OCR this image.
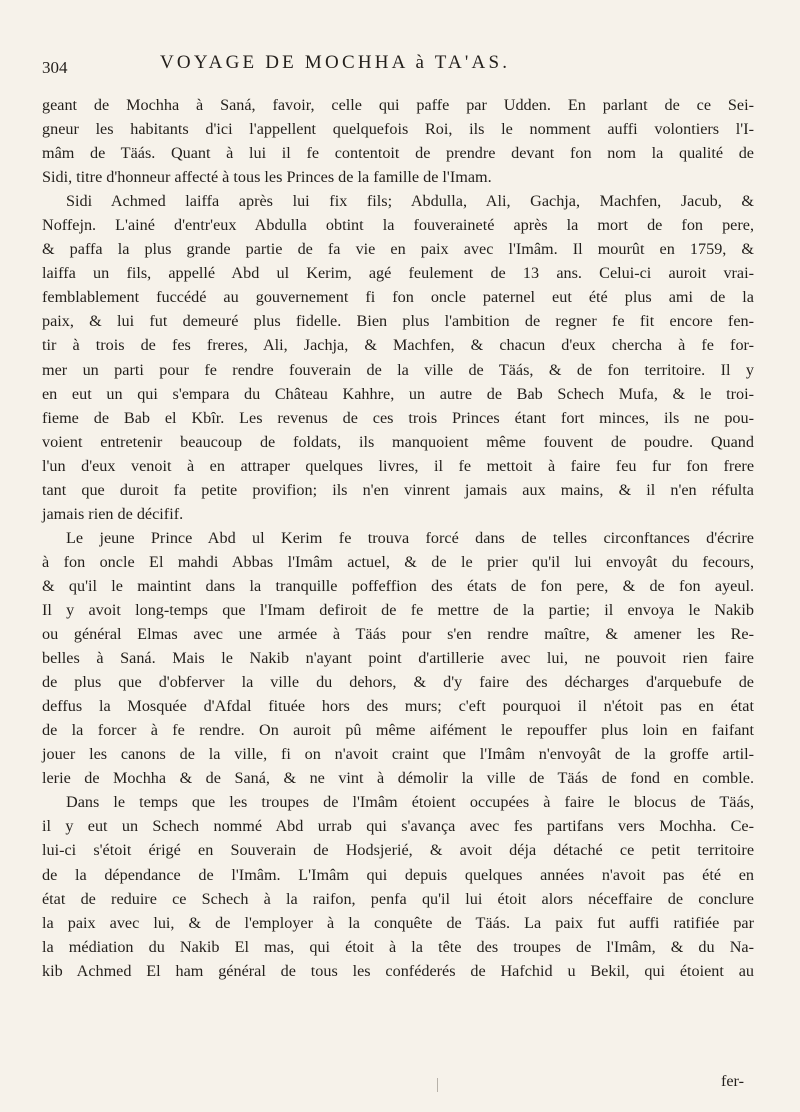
304	VOYAGE DE MOCHHA à TA'AS.
geant de Mochha à Saná, favoir, celle qui paffe par Udden. En parlant de ce Sei-
gneur les habitants d'ici l'appellent quelquefois Roi, ils le nomment auffi volontiers l'I-
mâm de Täás. Quant à lui il fe contentoit de prendre devant fon nom la qualité de
Sidi, titre d'honneur affecté à tous les Princes de la famille de l'Imam.
Sidi Achmed laiffa après lui fix fils; Abdulla, Ali, Gachja, Machfen, Jacub, &
Noffejn. L'ainé d'entr'eux Abdulla obtint la fouveraineté après la mort de fon pere,
& paffa la plus grande partie de fa vie en paix avec l'Imâm. Il mourût en 1759, &
laiffa un fils, appellé Abd ul Kerim, agé feulement de 13 ans. Celui-ci auroit vrai-
femblablement fuccédé au gouvernement fi fon oncle paternel eut été plus ami de la
paix, & lui fut demeuré plus fidelle. Bien plus l'ambition de regner fe fit encore fen-
tir à trois de fes freres, Ali, Jachja, & Machfen, & chacun d'eux chercha à fe for-
mer un parti pour fe rendre fouverain de la ville de Täás, & de fon territoire. Il y
en eut un qui s'empara du Château Kahhre, un autre de Bab Schech Mufa, & le troi-
fieme de Bab el Kbîr. Les revenus de ces trois Princes étant fort minces, ils ne pou-
voient entretenir beaucoup de foldats, ils manquoient même fouvent de poudre. Quand
l'un d'eux venoit à en attraper quelques livres, il fe mettoit à faire feu fur fon frere
tant que duroit fa petite provifion; ils n'en vinrent jamais aux mains, & il n'en réfulta
jamais rien de décifif.
Le jeune Prince Abd ul Kerim fe trouva forcé dans de telles circonftances d'écrire
à fon oncle El mahdi Abbas l'Imâm actuel, & de le prier qu'il lui envoyât du fecours,
& qu'il le maintint dans la tranquille poffeffion des états de fon pere, & de fon ayeul.
Il y avoit long-temps que l'Imam defiroit de fe mettre de la partie; il envoya le Nakib
ou général Elmas avec une armée à Täás pour s'en rendre maître, & amener les Re-
belles à Saná. Mais le Nakib n'ayant point d'artillerie avec lui, ne pouvoit rien faire
de plus que d'obferver la ville du dehors, & d'y faire des décharges d'arquebufe de
deffus la Mosquée d'Afdal fituée hors des murs; c'eft pourquoi il n'étoit pas en état
de la forcer à fe rendre. On auroit pû même aifément le repouffer plus loin en faifant
jouer les canons de la ville, fi on n'avoit craint que l'Imâm n'envoyât de la groffe artil-
lerie de Mochha & de Saná, & ne vint à démolir la ville de Täás de fond en comble.
Dans le temps que les troupes de l'Imâm étoient occupées à faire le blocus de Täás,
il y eut un Schech nommé Abd urrab qui s'avança avec fes partifans vers Mochha. Ce-
lui-ci s'étoit érigé en Souverain de Hodsjerié, & avoit déja détaché ce petit territoire
de la dépendance de l'Imâm. L'Imâm qui depuis quelques années n'avoit pas été en
état de reduire ce Schech à la raifon, penfa qu'il lui étoit alors néceffaire de conclure
la paix avec lui, & de l'employer à la conquête de Täás. La paix fut auffi ratifiée par
la médiation du Nakib El mas, qui étoit à la tête des troupes de l'Imâm, & du Na-
kib Achmed El ham général de tous les conféderés de Hafchid u Bekil, qui étoient au
fer-
